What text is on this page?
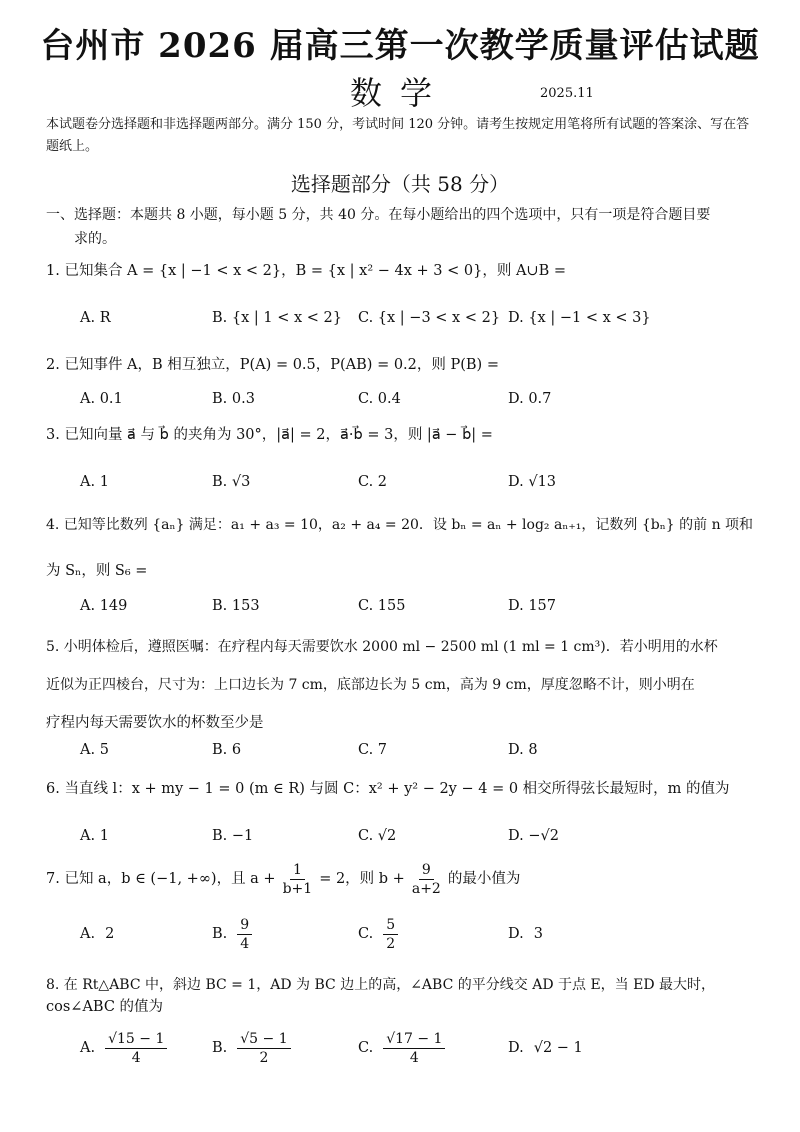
台州市 2026 届高三第一次教学质量评估试题
数学	2025.11
本试题卷分选择题和非选择题两部分。满分 150 分，考试时间 120 分钟。请考生按规定用笔将所有试题的答案涂、写在答题纸上。
选择题部分（共 58 分）
一、选择题：本题共 8 小题，每小题 5 分，共 40 分。在每小题给出的四个选项中，只有一项是符合题目要
求的。
1. 已知集合 A = {x | −1 < x < 2}，B = {x | x² − 4x + 3 < 0}，则 A∪B =
A. R	B. {x | 1 < x < 2} C. {x | −3 < x < 2} D. {x | −1 < x < 3}
2. 已知事件 A，B 相互独立，P(A) = 0.5，P(AB) = 0.2，则 P(B) =
A. 0.1	B. 0.3	C. 0.4	D. 0.7
3. 已知向量 a⃗ 与 b⃗ 的夹角为 30°，|a⃗| = 2，a⃗·b⃗ = 3，则 |a⃗ − b⃗| =
A. 1	B. √3	C. 2	D. √13
4. 已知等比数列 {aₙ} 满足：a₁ + a₃ = 10，a₂ + a₄ = 20．设 bₙ = aₙ + log₂ aₙ₊₁，记数列 {bₙ} 的前 n 项和
为 Sₙ，则 S₆ =
A. 149	B. 153	C. 155	D. 157
5. 小明体检后，遵照医嘱：在疗程内每天需要饮水 2000 ml − 2500 ml (1 ml = 1 cm³)．若小明用的水杯
近似为正四棱台，尺寸为：上口边长为 7 cm，底部边长为 5 cm，高为 9 cm，厚度忽略不计，则小明在
疗程内每天需要饮水的杯数至少是
A. 5	B. 6	C. 7	D. 8
6. 当直线 l：x + my − 1 = 0 (m ∈ R) 与圆 C：x² + y² − 2y − 4 = 0 相交所得弦长最短时，m 的值为
A. 1	B. −1	C. √2	D. −√2
7. 已知 a，b ∈ (−1, +∞)，且 $a + \frac{1}{b+1} = 2$，则 $b + \frac{9}{a+2}$ 的最小值为
A. 2	B. $\frac{9}{4}$	C. $\frac{5}{2}$	D. 3
8. 在 Rt△ABC 中，斜边 BC = 1，AD 为 BC 边上的高，∠ABC 的平分线交 AD 于点 E，当 ED 最大时，
cos∠ABC 的值为
A. $\frac{√15 - 1}{4}$	B. $\frac{√5 - 1}{2}$	C. $\frac{√17 - 1}{4}$	D. √2 − 1
